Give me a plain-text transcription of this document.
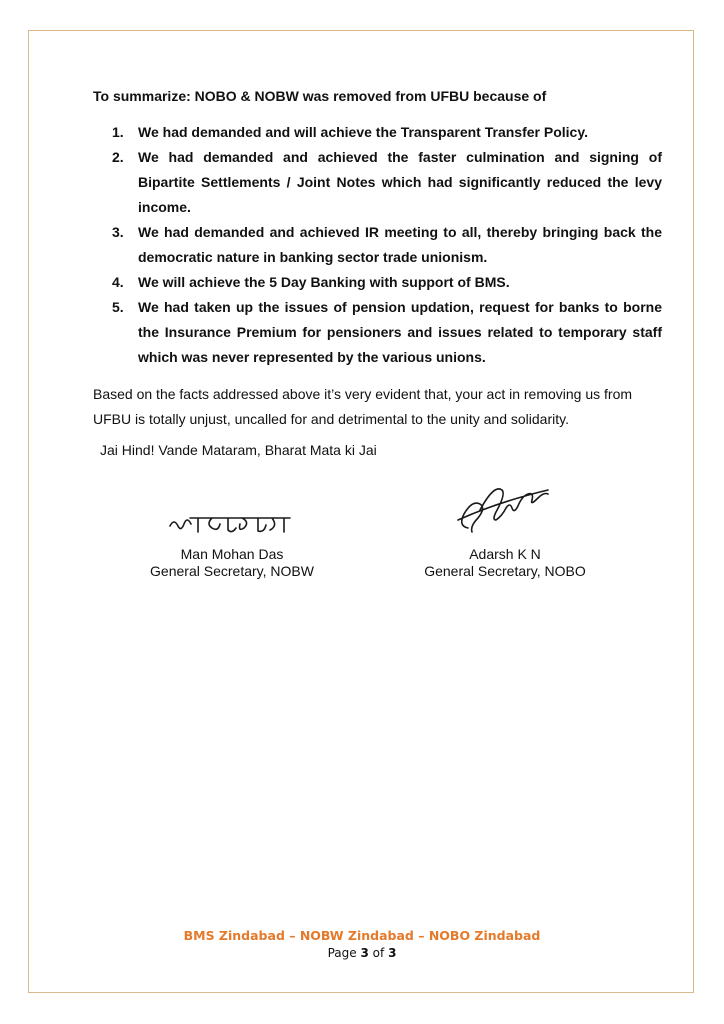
To summarize: NOBO & NOBW was removed from UFBU because of
1. We had demanded and will achieve the Transparent Transfer Policy.
2. We had demanded and achieved the faster culmination and signing of Bipartite Settlements / Joint Notes which had significantly reduced the levy income.
3. We had demanded and achieved IR meeting to all, thereby bringing back the democratic nature in banking sector trade unionism.
4. We will achieve the 5 Day Banking with support of BMS.
5. We had taken up the issues of pension updation, request for banks to borne the Insurance Premium for pensioners and issues related to temporary staff which was never represented by the various unions.
Based on the facts addressed above it’s very evident that, your act in removing us from UFBU is totally unjust, uncalled for and detrimental to the unity and solidarity.
Jai Hind! Vande Mataram, Bharat Mata ki Jai
Man Mohan Das
General Secretary, NOBW
Adarsh K N
General Secretary, NOBO
BMS Zindabad – NOBW Zindabad – NOBO Zindabad
Page 3 of 3
